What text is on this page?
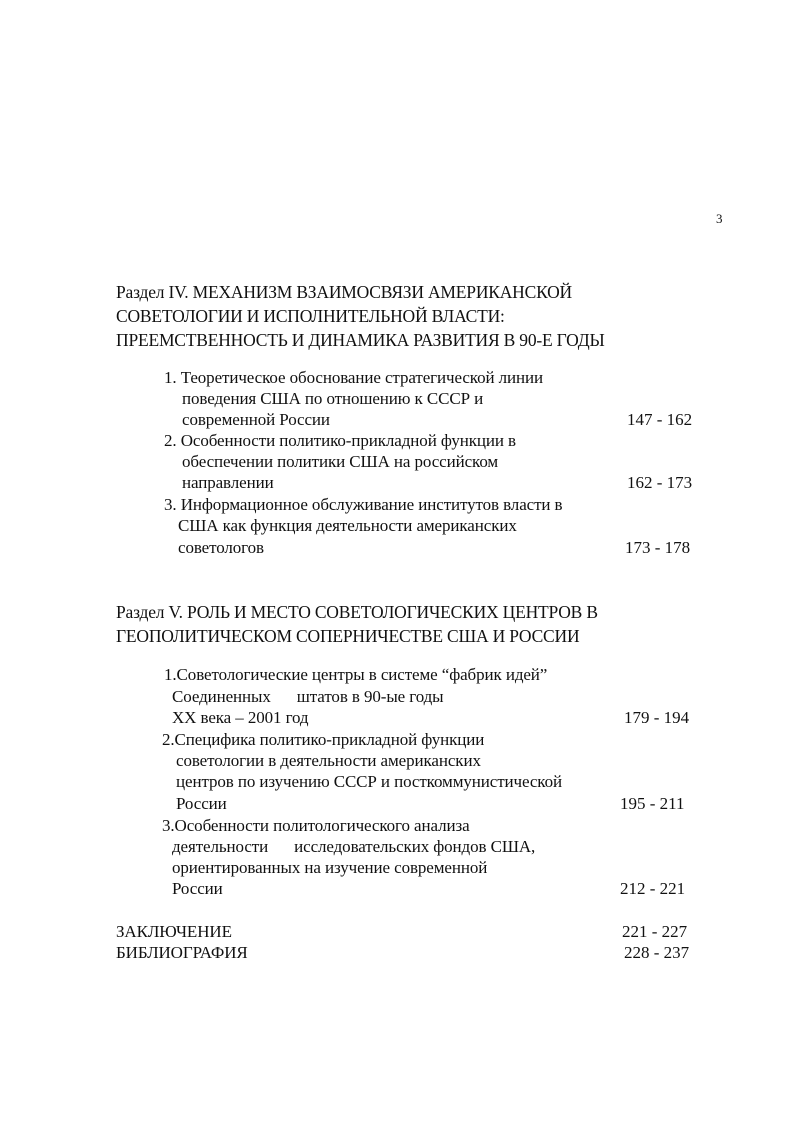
3
Раздел IV. МЕХАНИЗМ ВЗАИМОСВЯЗИ АМЕРИКАНСКОЙ
СОВЕТОЛОГИИ И ИСПОЛНИТЕЛЬНОЙ ВЛАСТИ:
ПРЕЕМСТВЕННОСТЬ И ДИНАМИКА РАЗВИТИЯ В 90-Е ГОДЫ
1. Теоретическое обоснование стратегической линии
поведения США по отношению к СССР и
современной России	147 - 162
2. Особенности политико-прикладной функции в
обеспечении политики США на российском
направлении	162 - 173
3. Информационное обслуживание институтов власти в
США как функция деятельности американских
советологов	173 - 178
Раздел V. РОЛЬ И МЕСТО СОВЕТОЛОГИЧЕСКИХ ЦЕНТРОВ В
ГЕОПОЛИТИЧЕСКОМ СОПЕРНИЧЕСТВЕ США И РОССИИ
1.Советологические центры в системе “фабрик идей”
Соединенных штатов в 90-ые годы
XX века – 2001 год	179 - 194
2.Специфика политико-прикладной функции
советологии в деятельности американских
центров по изучению СССР и посткоммунистической
России	195 - 211
3.Особенности политологического анализа
деятельности исследовательских фондов США,
ориентированных на изучение современной
России	212 - 221
ЗАКЛЮЧЕНИЕ	221 - 227
БИБЛИОГРАФИЯ	228 - 237
